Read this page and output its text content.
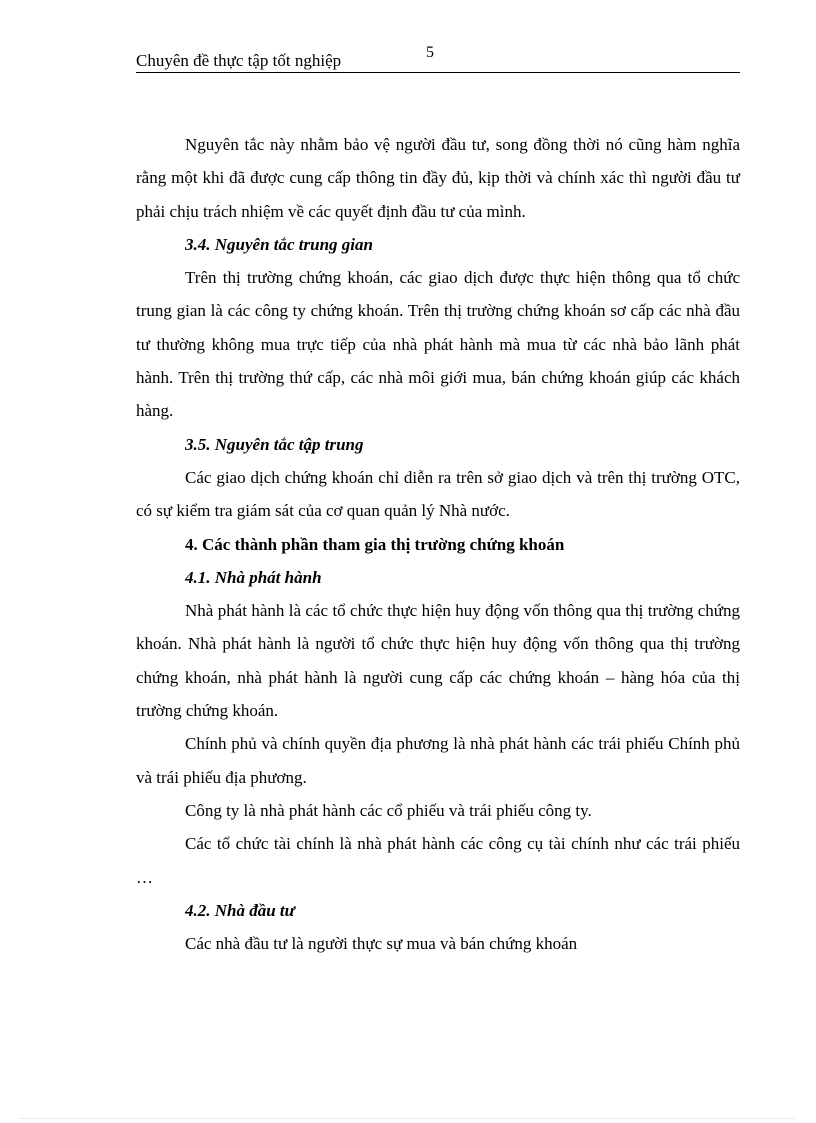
Chuyên đề thực tập tốt nghiệp	5

Nguyên tắc này nhằm bảo vệ người đầu tư, song đồng thời nó cũng hàm nghĩa rằng một khi đã được cung cấp thông tin đầy đủ, kịp thời và chính xác thì người đầu tư phải chịu trách nhiệm về các quyết định đầu tư của mình.

3.4. Nguyên tắc trung gian

Trên thị trường chứng khoán, các giao dịch được thực hiện thông qua tổ chức trung gian là các công ty chứng khoán. Trên thị trường chứng khoán sơ cấp các nhà đầu tư thường không mua trực tiếp của nhà phát hành mà mua từ các nhà bảo lãnh phát hành. Trên thị trường thứ cấp, các nhà môi giới mua, bán chứng khoán giúp các khách hàng.

3.5. Nguyên tắc tập trung

Các giao dịch chứng khoán chỉ diễn ra trên sở giao dịch và trên thị trường OTC, có sự kiểm tra giám sát của cơ quan quản lý Nhà nước.

4. Các thành phần tham gia thị trường chứng khoán

4.1. Nhà phát hành

Nhà phát hành là các tổ chức thực hiện huy động vốn thông qua thị trường chứng khoán. Nhà phát hành là người tổ chức thực hiện huy động vốn thông qua thị trường chứng khoán, nhà phát hành là người cung cấp các chứng khoán – hàng hóa của thị trường chứng khoán.

Chính phủ và chính quyền địa phương là nhà phát hành các trái phiếu Chính phủ và trái phiếu địa phương.

Công ty là nhà phát hành các cổ phiếu và trái phiếu công ty.

Các tổ chức tài chính là nhà phát hành các công cụ tài chính như các trái phiếu …

4.2. Nhà đầu tư

Các nhà đầu tư là người thực sự mua và bán chứng khoán
